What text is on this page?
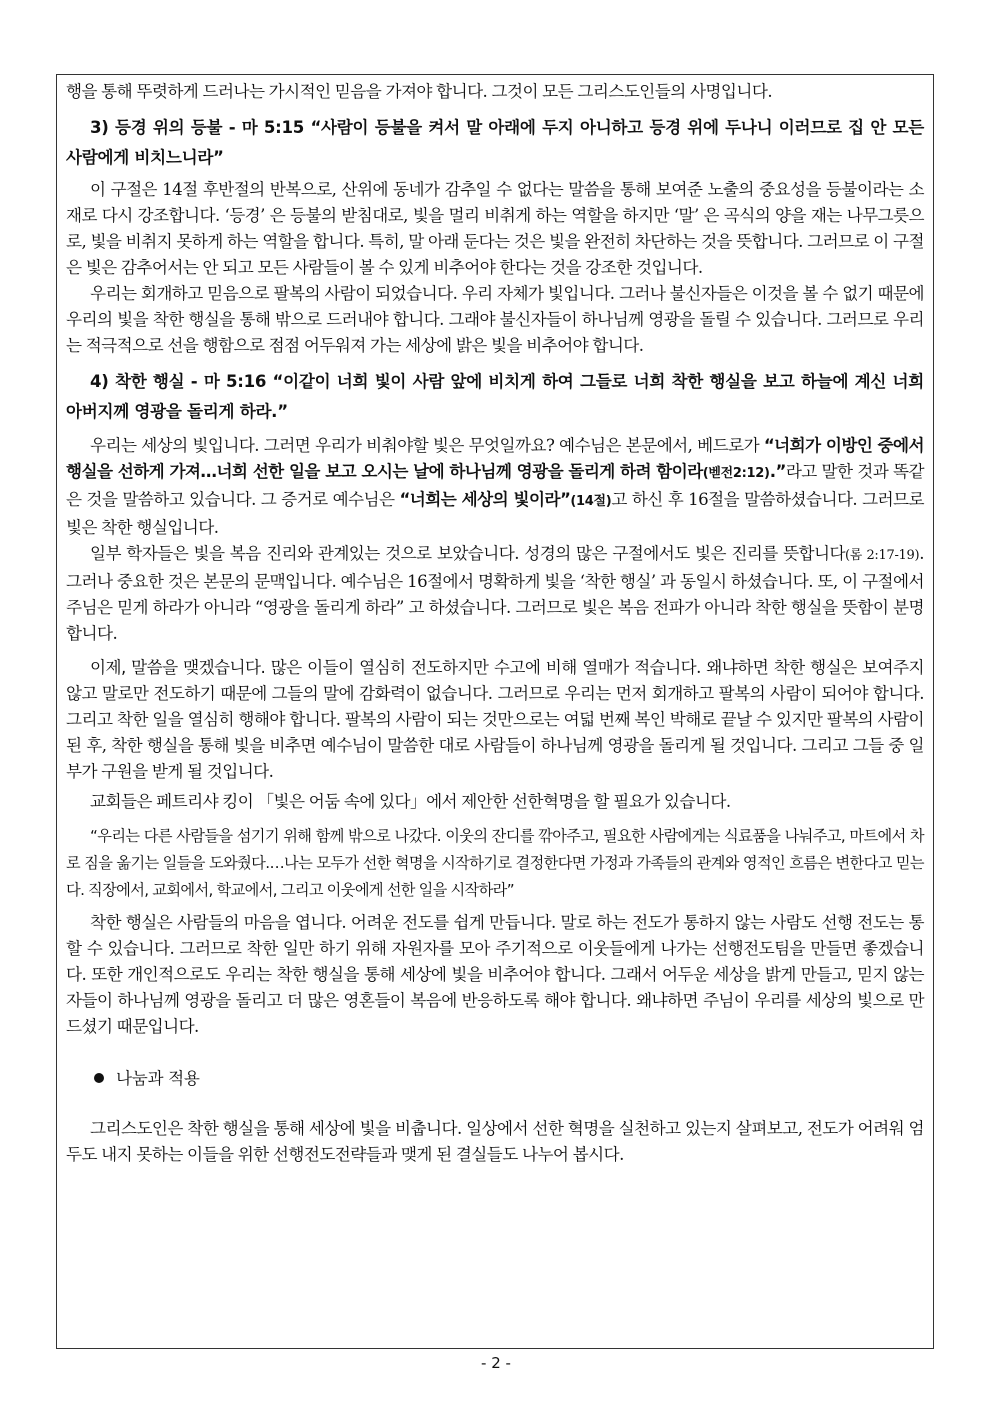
행을 통해 뚜렷하게 드러나는 가시적인 믿음을 가져야 합니다. 그것이 모든 그리스도인들의 사명입니다.

3) 등경 위의 등불 - 마 5:15 “사람이 등불을 켜서 말 아래에 두지 아니하고 등경 위에 두나니 이러므로 집 안 모든 사람에게 비치느니라”

이 구절은 14절 후반절의 반복으로, 산위에 동네가 감추일 수 없다는 말씀을 통해 보여준 노출의 중요성을 등불이라는 소재로 다시 강조합니다. ‘등경’ 은 등불의 받침대로, 빛을 멀리 비취게 하는 역할을 하지만 ‘말’ 은 곡식의 양을 재는 나무그릇으로, 빛을 비취지 못하게 하는 역할을 합니다. 특히, 말 아래 둔다는 것은 빛을 완전히 차단하는 것을 뜻합니다. 그러므로 이 구절은 빛은 감추어서는 안 되고 모든 사람들이 볼 수 있게 비추어야 한다는 것을 강조한 것입니다.

우리는 회개하고 믿음으로 팔복의 사람이 되었습니다. 우리 자체가 빛입니다. 그러나 불신자들은 이것을 볼 수 없기 때문에 우리의 빛을 착한 행실을 통해 밖으로 드러내야 합니다. 그래야 불신자들이 하나님께 영광을 돌릴 수 있습니다. 그러므로 우리는 적극적으로 선을 행함으로 점점 어두워져 가는 세상에 밝은 빛을 비추어야 합니다.

4) 착한 행실 - 마 5:16 “이같이 너희 빛이 사람 앞에 비치게 하여 그들로 너희 착한 행실을 보고 하늘에 계신 너희 아버지께 영광을 돌리게 하라.”

우리는 세상의 빛입니다. 그러면 우리가 비춰야할 빛은 무엇일까요? 예수님은 본문에서, 베드로가 “너희가 이방인 중에서 행실을 선하게 가져…너희 선한 일을 보고 오시는 날에 하나님께 영광을 돌리게 하려 함이라(벧전2:12).”라고 말한 것과 똑같은 것을 말씀하고 있습니다. 그 증거로 예수님은 “너희는 세상의 빛이라”(14절)고 하신 후 16절을 말씀하셨습니다. 그러므로 빛은 착한 행실입니다.

일부 학자들은 빛을 복음 진리와 관계있는 것으로 보았습니다. 성경의 많은 구절에서도 빛은 진리를 뜻합니다(롬 2:17-19). 그러나 중요한 것은 본문의 문맥입니다. 예수님은 16절에서 명확하게 빛을 ‘착한 행실’ 과 동일시 하셨습니다. 또, 이 구절에서 주님은 믿게 하라가 아니라 “영광을 돌리게 하라” 고 하셨습니다. 그러므로 빛은 복음 전파가 아니라 착한 행실을 뜻함이 분명합니다.

이제, 말씀을 맺겠습니다. 많은 이들이 열심히 전도하지만 수고에 비해 열매가 적습니다. 왜냐하면 착한 행실은 보여주지 않고 말로만 전도하기 때문에 그들의 말에 감화력이 없습니다. 그러므로 우리는 먼저 회개하고 팔복의 사람이 되어야 합니다. 그리고 착한 일을 열심히 행해야 합니다. 팔복의 사람이 되는 것만으로는 여덟 번째 복인 박해로 끝날 수 있지만 팔복의 사람이 된 후, 착한 행실을 통해 빛을 비추면 예수님이 말씀한 대로 사람들이 하나님께 영광을 돌리게 될 것입니다. 그리고 그들 중 일부가 구원을 받게 될 것입니다.

교회들은 페트리샤 킹이 「빛은 어둠 속에 있다」에서 제안한 선한혁명을 할 필요가 있습니다.

“우리는 다른 사람들을 섬기기 위해 함께 밖으로 나갔다. 이웃의 잔디를 깎아주고, 필요한 사람에게는 식료품을 나눠주고, 마트에서 차로 짐을 옮기는 일들을 도와줬다.…나는 모두가 선한 혁명을 시작하기로 결정한다면 가정과 가족들의 관계와 영적인 흐름은 변한다고 믿는다. 직장에서, 교회에서, 학교에서, 그리고 이웃에게 선한 일을 시작하라”

착한 행실은 사람들의 마음을 엽니다. 어려운 전도를 쉽게 만듭니다. 말로 하는 전도가 통하지 않는 사람도 선행 전도는 통할 수 있습니다. 그러므로 착한 일만 하기 위해 자원자를 모아 주기적으로 이웃들에게 나가는 선행전도팀을 만들면 좋겠습니다. 또한 개인적으로도 우리는 착한 행실을 통해 세상에 빛을 비추어야 합니다. 그래서 어두운 세상을 밝게 만들고, 믿지 않는 자들이 하나님께 영광을 돌리고 더 많은 영혼들이 복음에 반응하도록 해야 합니다. 왜냐하면 주님이 우리를 세상의 빛으로 만드셨기 때문입니다.

나눔과 적용

그리스도인은 착한 행실을 통해 세상에 빛을 비춥니다. 일상에서 선한 혁명을 실천하고 있는지 살펴보고, 전도가 어려워 엄두도 내지 못하는 이들을 위한 선행전도전략들과 맺게 된 결실들도 나누어 봅시다.

- 2 -
